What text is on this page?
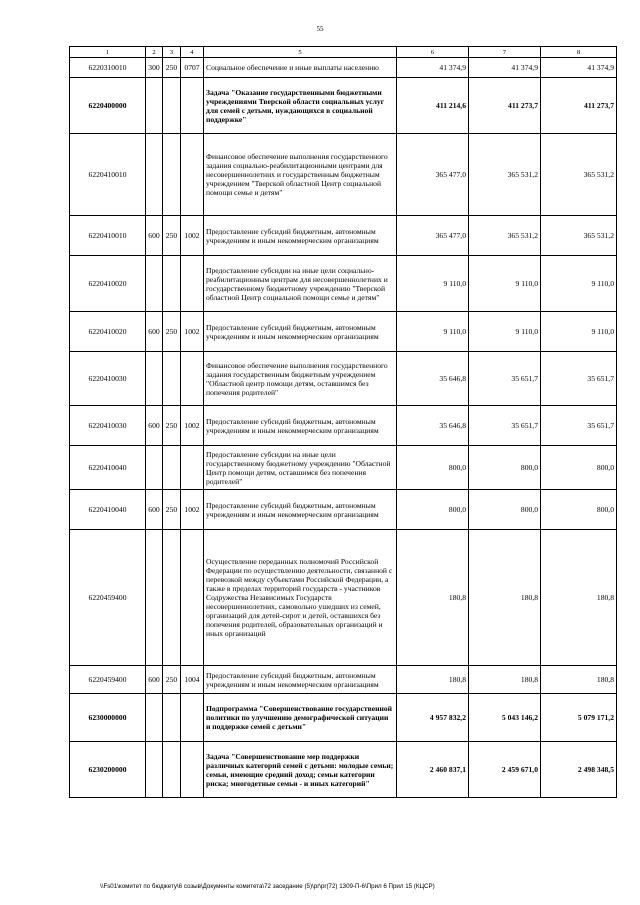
55
1	2	3	4	5	6	7	8
6220310010	300	250	0707	Социальное обеспечение и иные выплаты населению	41 374,9	41 374,9	41 374,9
6220400000				Задача "Оказание государственными бюджетными учреждениями Тверской области социальных услуг для семей с детьми, нуждающихся в социальной поддержке"	411 214,6	411 273,7	411 273,7
6220410010				Финансовое обеспечение выполнения государственного задания социально-реабилитационными центрами для несовершеннолетних и государственным бюджетным учреждением "Тверской областной Центр социальной помощи семье и детям"	365 477,0	365 531,2	365 531,2
6220410010	600	250	1002	Предоставление субсидий бюджетным, автономным учреждениям и иным некоммерческим организациям	365 477,0	365 531,2	365 531,2
6220410020				Предоставление субсидии на иные цели социально-реабилитационным центрам для несовершеннолетних и государственному бюджетному учреждению "Тверской областной Центр социальной помощи семье и детям"	9 110,0	9 110,0	9 110,0
6220410020	600	250	1002	Предоставление субсидий бюджетным, автономным учреждениям и иным некоммерческим организациям	9 110,0	9 110,0	9 110,0
6220410030				Финансовое обеспечение выполнения государственного задания государственным бюджетным учреждением "Областной центр помощи детям, оставшимся без попечения родителей"	35 646,8	35 651,7	35 651,7
6220410030	600	250	1002	Предоставление субсидий бюджетным, автономным учреждениям и иным некоммерческим организациям	35 646,8	35 651,7	35 651,7
6220410040				Предоставление субсидии на иные цели государственному бюджетному учреждению "Областной Центр помощи детям, оставшимся без попечения родителей"	800,0	800,0	800,0
6220410040	600	250	1002	Предоставление субсидий бюджетным, автономным учреждениям и иным некоммерческим организациям	800,0	800,0	800,0
6220459400				Осуществление переданных полномочий Российской Федерации по осуществлению деятельности, связанной с перевозкой между субъектами Российской Федерации, а также в пределах территорий государств - участников Содружества Независимых Государств несовершеннолетних, самовольно ушедших из семей, организаций для детей-сирот и детей, оставшихся без попечения родителей, образовательных организаций и иных организаций	180,8	180,8	180,8
6220459400	600	250	1004	Предоставление субсидий бюджетным, автономным учреждениям и иным некоммерческим организациям	180,8	180,8	180,8
6230000000				Подпрограмма "Совершенствование государственной политики по улучшению демографической ситуации и поддержке семей с детьми"	4 957 832,2	5 043 146,2	5 079 171,2
6230200000				Задача "Совершенствование мер поддержки различных категорий семей с детьми: молодые семьи; семьи, имеющие средний доход; семьи категории риска; многодетные семьи - и иных категорий"	2 460 837,1	2 459 671,0	2 498 348,5
\\Fs01\комитет по бюджету\6 созыв\Документы комитета\72 заседание (5)\pr\pr(72) 1309-П-6\Прил 6 Прил 15 (КЦСР)
